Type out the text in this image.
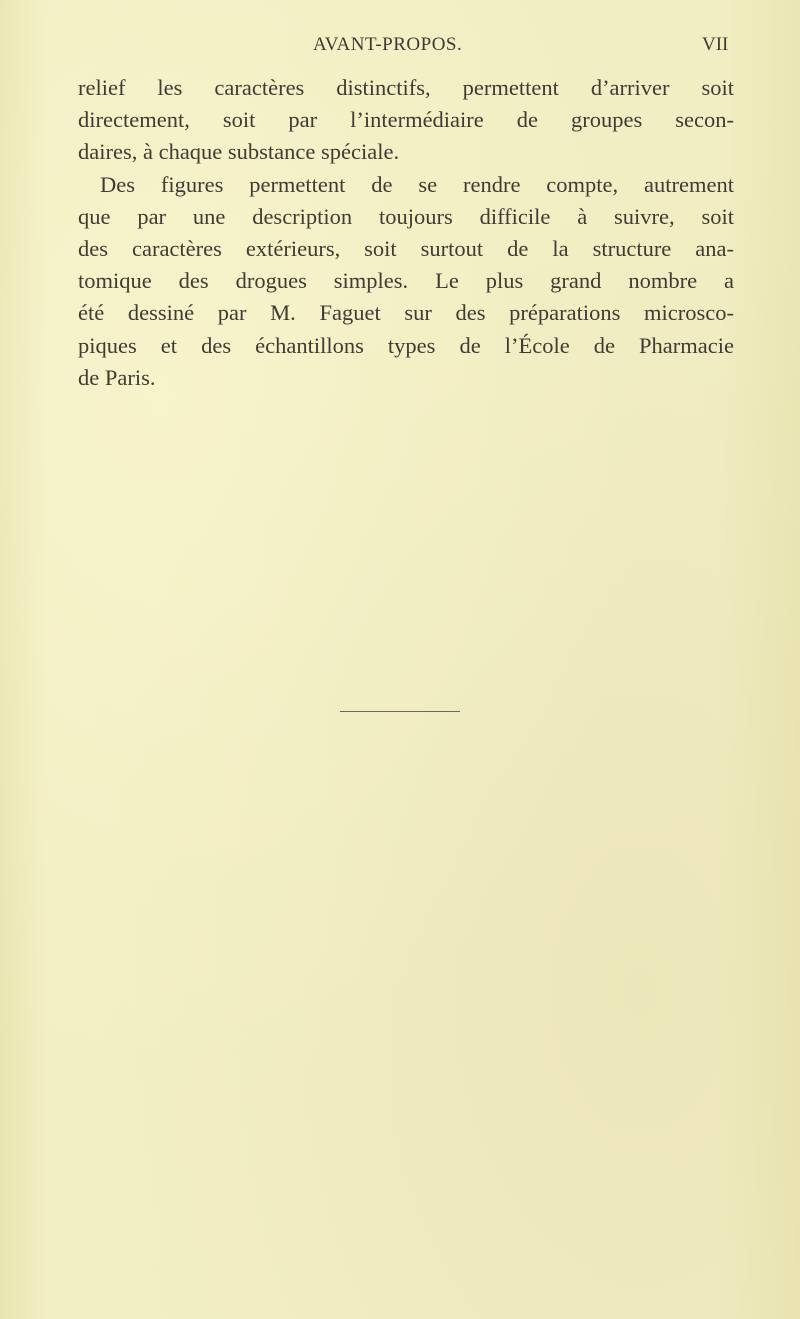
AVANT-PROPOS.	VII
relief les caractères distinctifs, permettent d’arriver soit
directement, soit par l’intermédiaire de groupes secon-
daires, à chaque substance spéciale.
Des figures permettent de se rendre compte, autrement
que par une description toujours difficile à suivre, soit
des caractères extérieurs, soit surtout de la structure ana-
tomique des drogues simples. Le plus grand nombre a
été dessiné par M. Faguet sur des préparations microsco-
piques et des échantillons types de l’École de Pharmacie
de Paris.
